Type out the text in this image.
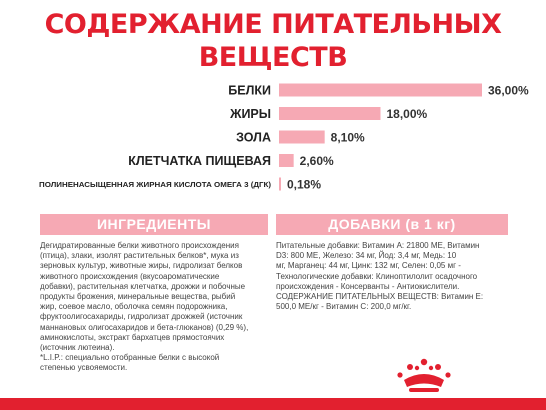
СОДЕРЖАНИЕ ПИТАТЕЛЬНЫХ
ВЕЩЕСТВ
БЕЛКИ	36,00%
ЖИРЫ	18,00%
ЗОЛА	8,10%
КЛЕТЧАТКА ПИЩЕВАЯ 2,60%
ПОЛИНЕНАСЫЩЕННАЯ ЖИРНАЯ КИСЛОТА ОМЕГА 3 (ДГК) 0,18%
ИНГРЕДИЕНТЫ	ДОБАВКИ (в 1 кг)
Дегидратированные белки животного происхождения
(птица), злаки, изолят растительных белков*, мука из
зерновых культур, животные жиры, гидролизат белков
животного происхождения (вкусоароматические
добавки), растительная клетчатка, дрожжи и побочные
продукты брожения, минеральные вещества, рыбий
жир, соевое масло, оболочка семян подорожника,
фруктоолигосахариды, гидролизат дрожжей (источник
маннановых олигосахаридов и бета-глюканов) (0,29 %),
аминокислоты, экстракт бархатцев прямостоячих
(источник лютеина).
*L.I.P.: специально отобранные белки с высокой
степенью усвояемости.
Питательные добавки: Витамин А: 21800 МЕ, Витамин
D3: 800 МЕ, Железо: 34 мг, Йод: 3,4 мг, Медь: 10
мг, Марганец: 44 мг, Цинк: 132 мг, Селен: 0,05 мг -
Технологические добавки: Клиноптилолит осадочного
происхождения - Консерванты - Антиокислители.
СОДЕРЖАНИЕ ПИТАТЕЛЬНЫХ ВЕЩЕСТВ: Витамин Е:
500,0 МЕ/кг - Витамин С: 200,0 мг/кг.
